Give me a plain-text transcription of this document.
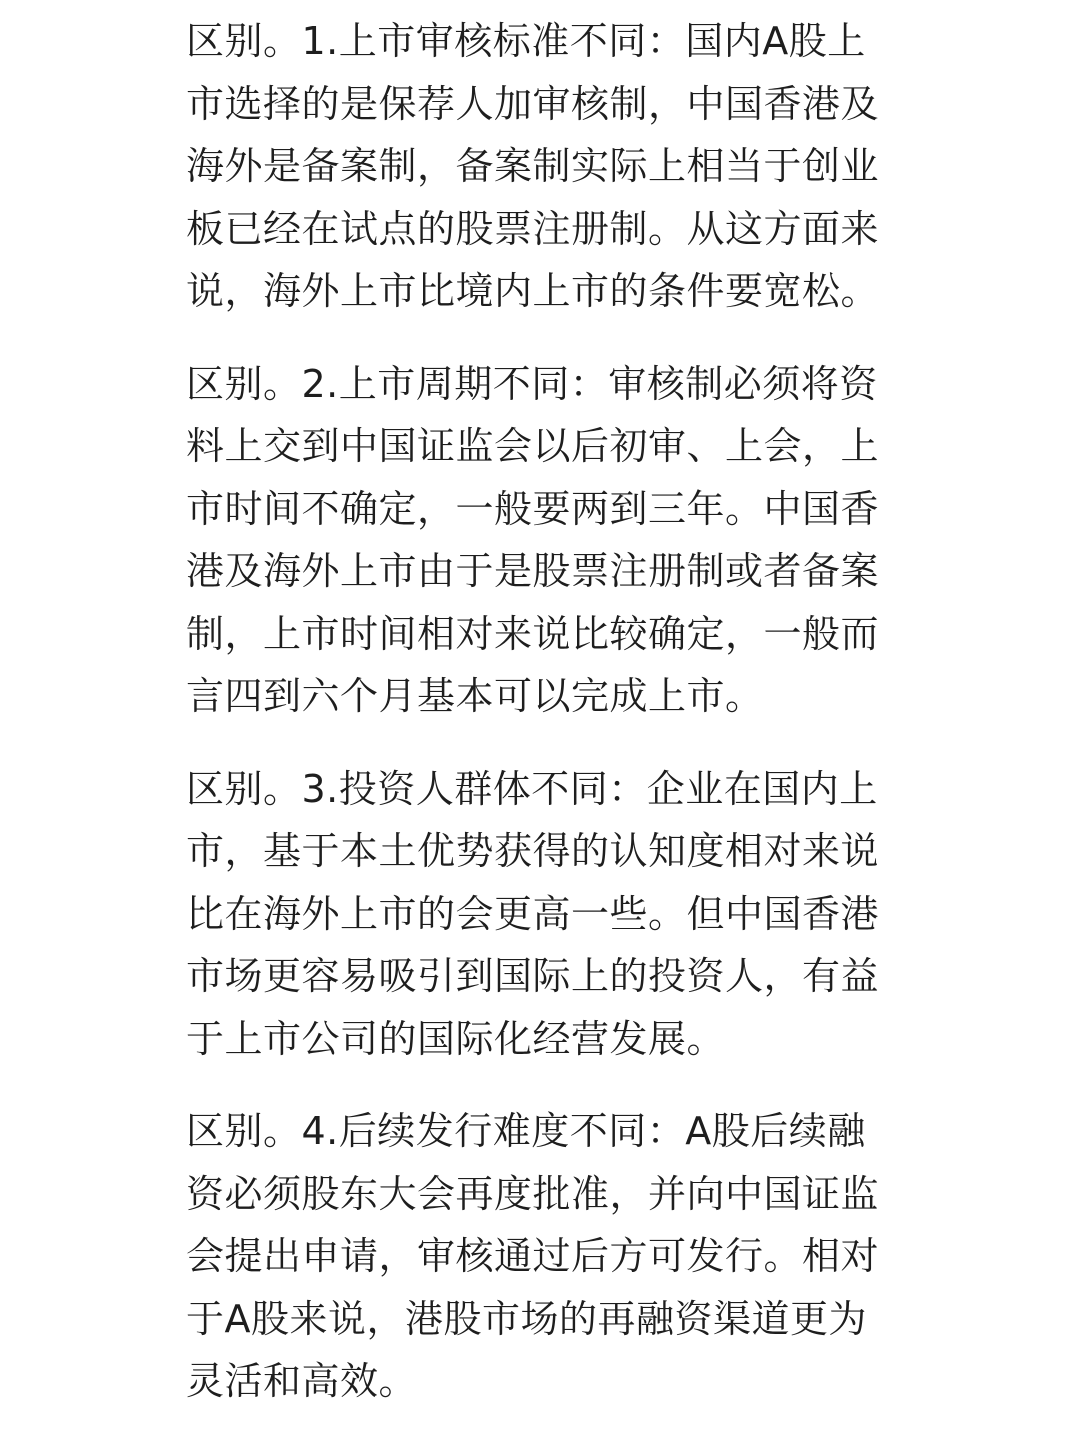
区别。1.上市审核标准不同：国内A股上
市选择的是保荐人加审核制，中国香港及
海外是备案制，备案制实际上相当于创业
板已经在试点的股票注册制。从这方面来
说，海外上市比境内上市的条件要宽松。

区别。2.上市周期不同：审核制必须将资
料上交到中国证监会以后初审、上会，上
市时间不确定，一般要两到三年。中国香
港及海外上市由于是股票注册制或者备案
制，上市时间相对来说比较确定，一般而
言四到六个月基本可以完成上市。

区别。3.投资人群体不同：企业在国内上
市，基于本土优势获得的认知度相对来说
比在海外上市的会更高一些。但中国香港
市场更容易吸引到国际上的投资人，有益
于上市公司的国际化经营发展。

区别。4.后续发行难度不同：A股后续融
资必须股东大会再度批准，并向中国证监
会提出申请，审核通过后方可发行。相对
于A股来说，港股市场的再融资渠道更为
灵活和高效。
